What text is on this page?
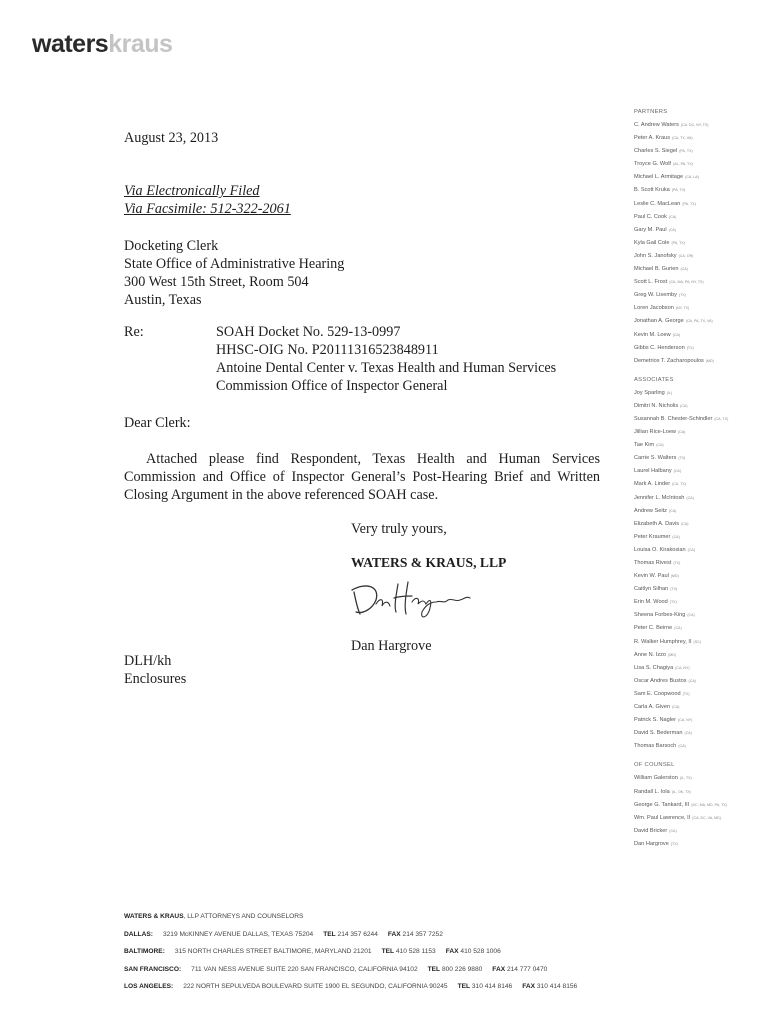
waterskraus
PARTNERS
C. Andrew Waters (CA, DC, NY, TX)
Peter A. Kraus (CA, TX, VA)
Charles S. Siegel (PA, TX)
Troyce G. Wolf (AL, PA, TX)
Michael L. Armitage (CA, LA)
B. Scott Kruka (PA, TX)
Leslie C. MacLean (PA, TX)
Paul C. Cook (CA)
Gary M. Paul (CA)
Kyla Gail Cole (PA, TX)
John S. Janofsky (CA, OR)
Michael B. Gurien (CA)
Scott L. Frost (CA, MA, PA, NY, TX)
Greg W. Lisemby (TX)
Loren Jacobson (NY, TX)
Jonathan A. George (CA, PA, TX, VA)
Kevin M. Loew (CA)
Gibbs C. Henderson (TX)
Demetrios T. Zacharopoulos (MD)
ASSOCIATES
Joy Sparling (IL)
Dimitri N. Nicholis (CA)
Susannah B. Chester-Schindler (CA, TX)
Jillian Rice-Loew (CA)
Tae Kim (CA)
Carrie S. Walters (TX)
Laurel Halbany (CA)
Mark A. Linder (CA, TX)
Jennifer L. McIntosh (CA)
Andrew Seitz (CA)
Elizabeth A. Davis (CA)
Peter Kraumer (CA)
Louisa O. Kirakosian (CA)
Thomas Rivest (TX)
Kevin W. Paul (MD)
Caitlyn Silhan (TX)
Erin M. Wood (TX)
Sheena Forbes-King (CA)
Peter C. Beirne (CA)
R. Walker Humphrey, II (SC)
Anne N. Izzo (MD)
Lisa S. Chagiya (CA, NY)
Oscar Andres Bustos (CA)
Sam E. Coopwood (TX)
Carla A. Given (CA)
Patrick S. Nagler (CA, NY)
David S. Bederman (CA)
Thomas Barsoch (CA)
OF COUNSEL
William Galerston (IL, TX)
Randall L. Iola (IL, OK, TX)
George G. Tankard, III (DC, MA, MD, PA, TX)
Wm. Paul Lawrence, II (CA, DC, VA, MD)
David Bricker (CA)
Dan Hargrove (TX)
August 23, 2013
Via Electronically Filed
Via Facsimile: 512-322-2061
Docketing Clerk
State Office of Administrative Hearing
300 West 15th Street, Room 504
Austin, Texas
Re:	SOAH Docket No. 529-13-0997
HHSC-OIG No. P20111316523848911
Antoine Dental Center v. Texas Health and Human Services
Commission Office of Inspector General
Dear Clerk:
Attached please find Respondent, Texas Health and Human Services Commission and Office of Inspector General’s Post-Hearing Brief and Written Closing Argument in the above referenced SOAH case.
Very truly yours,
WATERS & KRAUS, LLP
Dan Hargrove
DLH/kh
Enclosures
WATERS & KRAUS, LLP ATTORNEYS AND COUNSELORS
DALLAS: 3219 McKINNEY AVENUE DALLAS, TEXAS 75204 TEL 214 357 6244 FAX 214 357 7252
BALTIMORE: 315 NORTH CHARLES STREET BALTIMORE, MARYLAND 21201 TEL 410 528 1153 FAX 410 528 1006
SAN FRANCISCO: 711 VAN NESS AVENUE SUITE 220 SAN FRANCISCO, CALIFORNIA 94102 TEL 800 226 9880 FAX 214 777 0470
LOS ANGELES: 222 NORTH SEPULVEDA BOULEVARD SUITE 1900 EL SEGUNDO, CALIFORNIA 90245 TEL 310 414 8146 FAX 310 414 8156
